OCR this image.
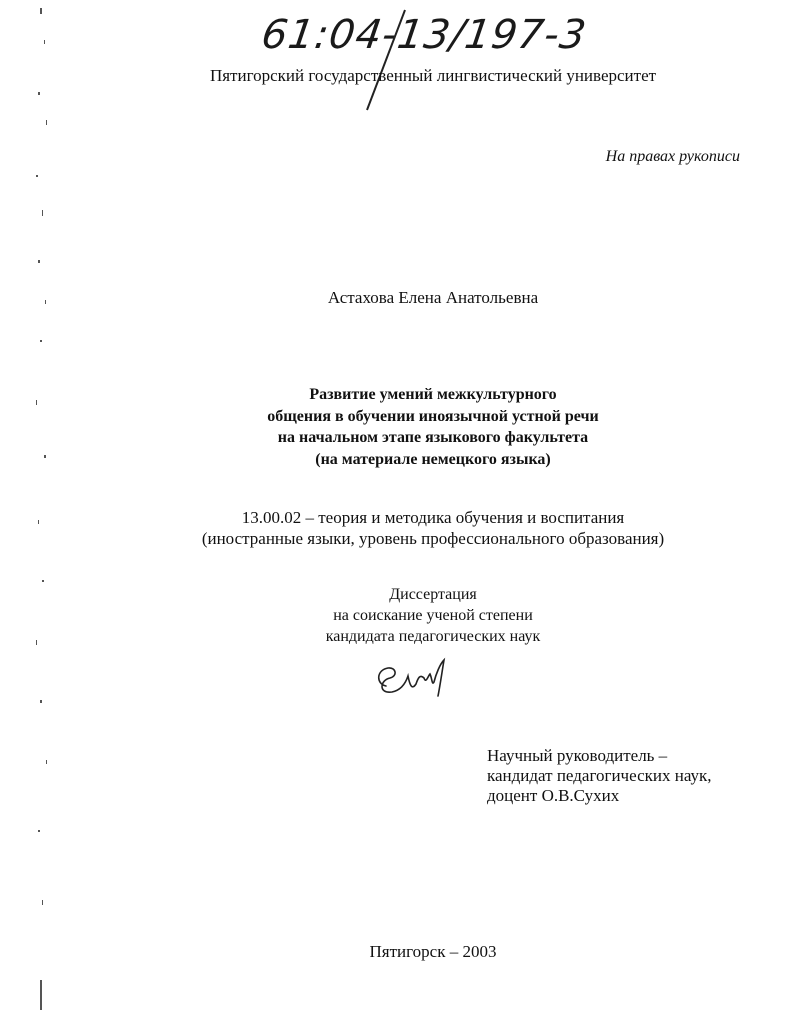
61:04-13/197-3
Пятигорский государственный лингвистический университет
На правах рукописи
Астахова Елена Анатольевна
Развитие умений межкультурного
общения в обучении иноязычной устной речи
на начальном этапе языкового факультета
(на материале немецкого языка)
13.00.02 – теория и методика обучения и воспитания
(иностранные языки, уровень профессионального образования)
Диссертация
на соискание ученой степени
кандидата педагогических наук
Научный руководитель –
кандидат педагогических наук,
доцент О.В.Сухих
Пятигорск – 2003
